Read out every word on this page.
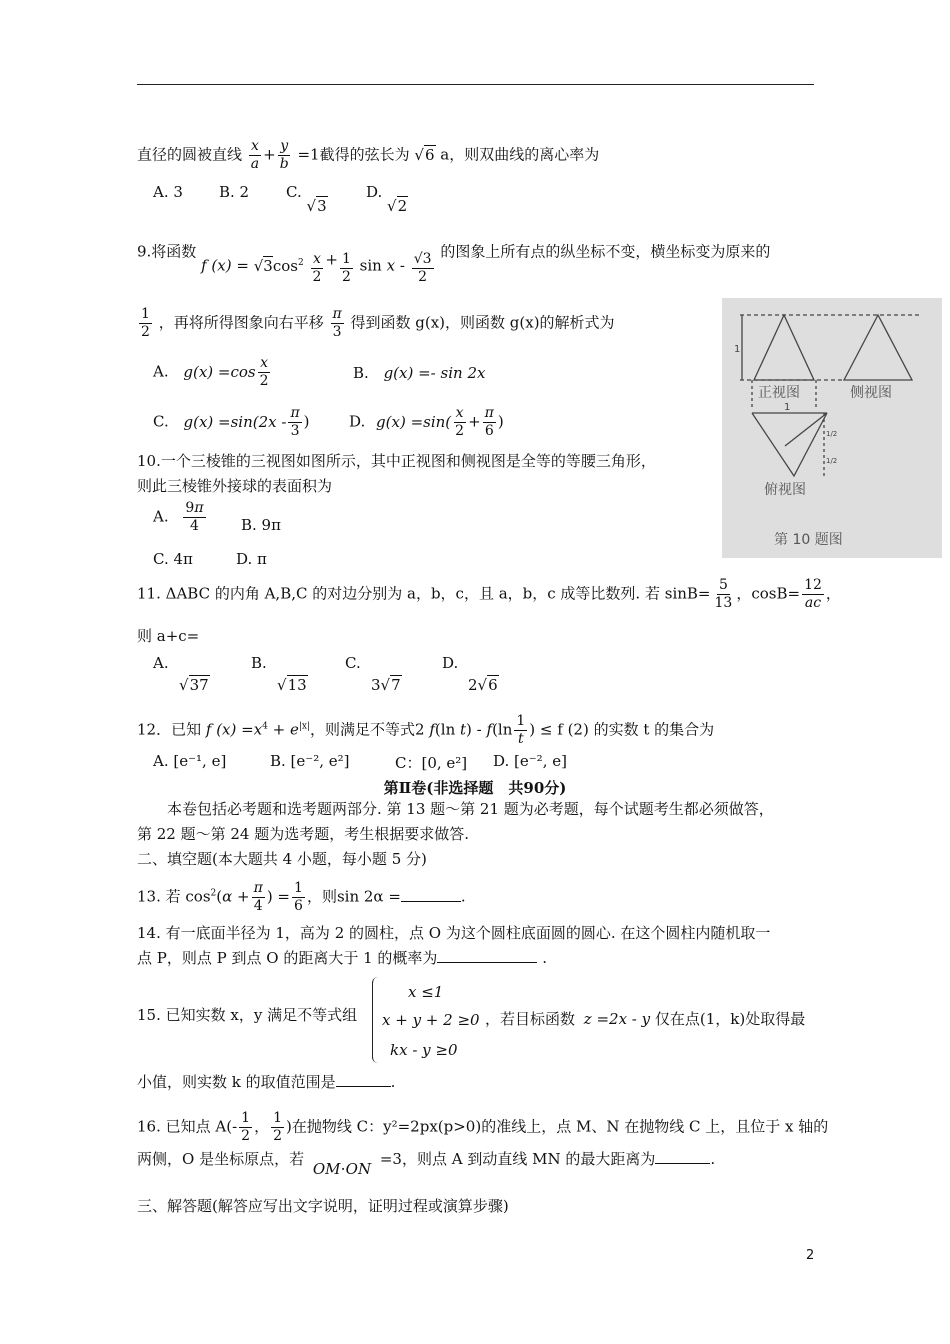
直径的圆被直线 $\frac{x}{a} + \frac{y}{b} =1$截得的弦长为 √6 a，则双曲线的离心率为
A. 3 B. 2 C. √3
D. √2
9.将函数 f $(x) = √3\cos^2 \frac{x}{2} + \frac{1}{2}$ sin x - $\frac{√3}{2}$ 的图象上所有点的纵坐标不变，横坐标变为原来的
$\frac{1}{2}$ ，再将所得图象向右平移 $\frac{\pi}{3}$ 得到函数 g(x)，则函数 g(x)的解析式为
A. $g(x) =\cos \frac{x}{2}$	B. g(x) =- sin 2x
C. $g(x) =\sin(2x - \frac{\pi}{3}$ )	D. $g(x) =\sin( \frac{x}{2} + \frac{\pi}{6}$ )
10.一个三棱锥的三视图如图所示，其中正视图和侧视图是全等的等腰三角形，
则此三棱锥外接球的表面积为
A. $\frac{9\pi}{4} B$. 9π
C. 4π	D. π
正视图	侧视图
俯视图
第 10 题图
1
1
1/2
1/2
11. ΔABC 的内角 A,B,C 的对边分别为 a，b，c，且 a，b，c 成等比数列. 若 $\sin B= \frac{5}{13}$ ，$\cos B= \frac{12}{ac}$ ，
则 a+c=
A.
√37
B.
√13
C.
3√7
D.
2√6
12．已知 f $(x) =x^4 + e^{|x|}$，则满足不等式2 f(ln $t) - f(\ln \frac{1}{t}$ ) ≤ f (2) 的实数 t 的集合为
A. [e⁻¹, e]	B. [e⁻², e²]	C：[0, e²] D. [e⁻², e]
第Ⅱ卷(非选择题　共90分)
　　本卷包括必考题和选考题两部分. 第 13 题～第 21 题为必考题，每个试题考生都必须做答，
第 22 题～第 24 题为选考题，考生根据要求做答.
二、填空题(本大题共 4 小题，每小题 5 分)
13. 若 $\cos^2(\alpha + \frac{\pi}{4}$ ) = $\frac{1}{6}$ ，则sin 2α =	.
14. 有一底面半径为 1，高为 2 的圆柱，点 O 为这个圆柱底面圆的圆心. 在这个圆柱内随机取一
点 P，则点 P 到点 O 的距离大于 1 的概率为	.
x ≤1
x + y + 2 ≥0
kx - y ≥0
15. 已知实数 x，y 满足不等式组	，若目标函数 z =2x - y 仅在点(1，k)处取得最
小值，则实数 k 的取值范围是	.
16. 已知点 $A(- \frac{1}{2}$ ， $\frac{1}{2}$ )在抛物线 C：y²=2px(p>0)的准线上，点 M、N 在抛物线 C 上，且位于 x 轴的
两侧，O 是坐标原点，若 OM⋅ON =3，则点 A 到动直线 MN 的最大距离为	.
三、解答题(解答应写出文字说明，证明过程或演算步骤)
2
